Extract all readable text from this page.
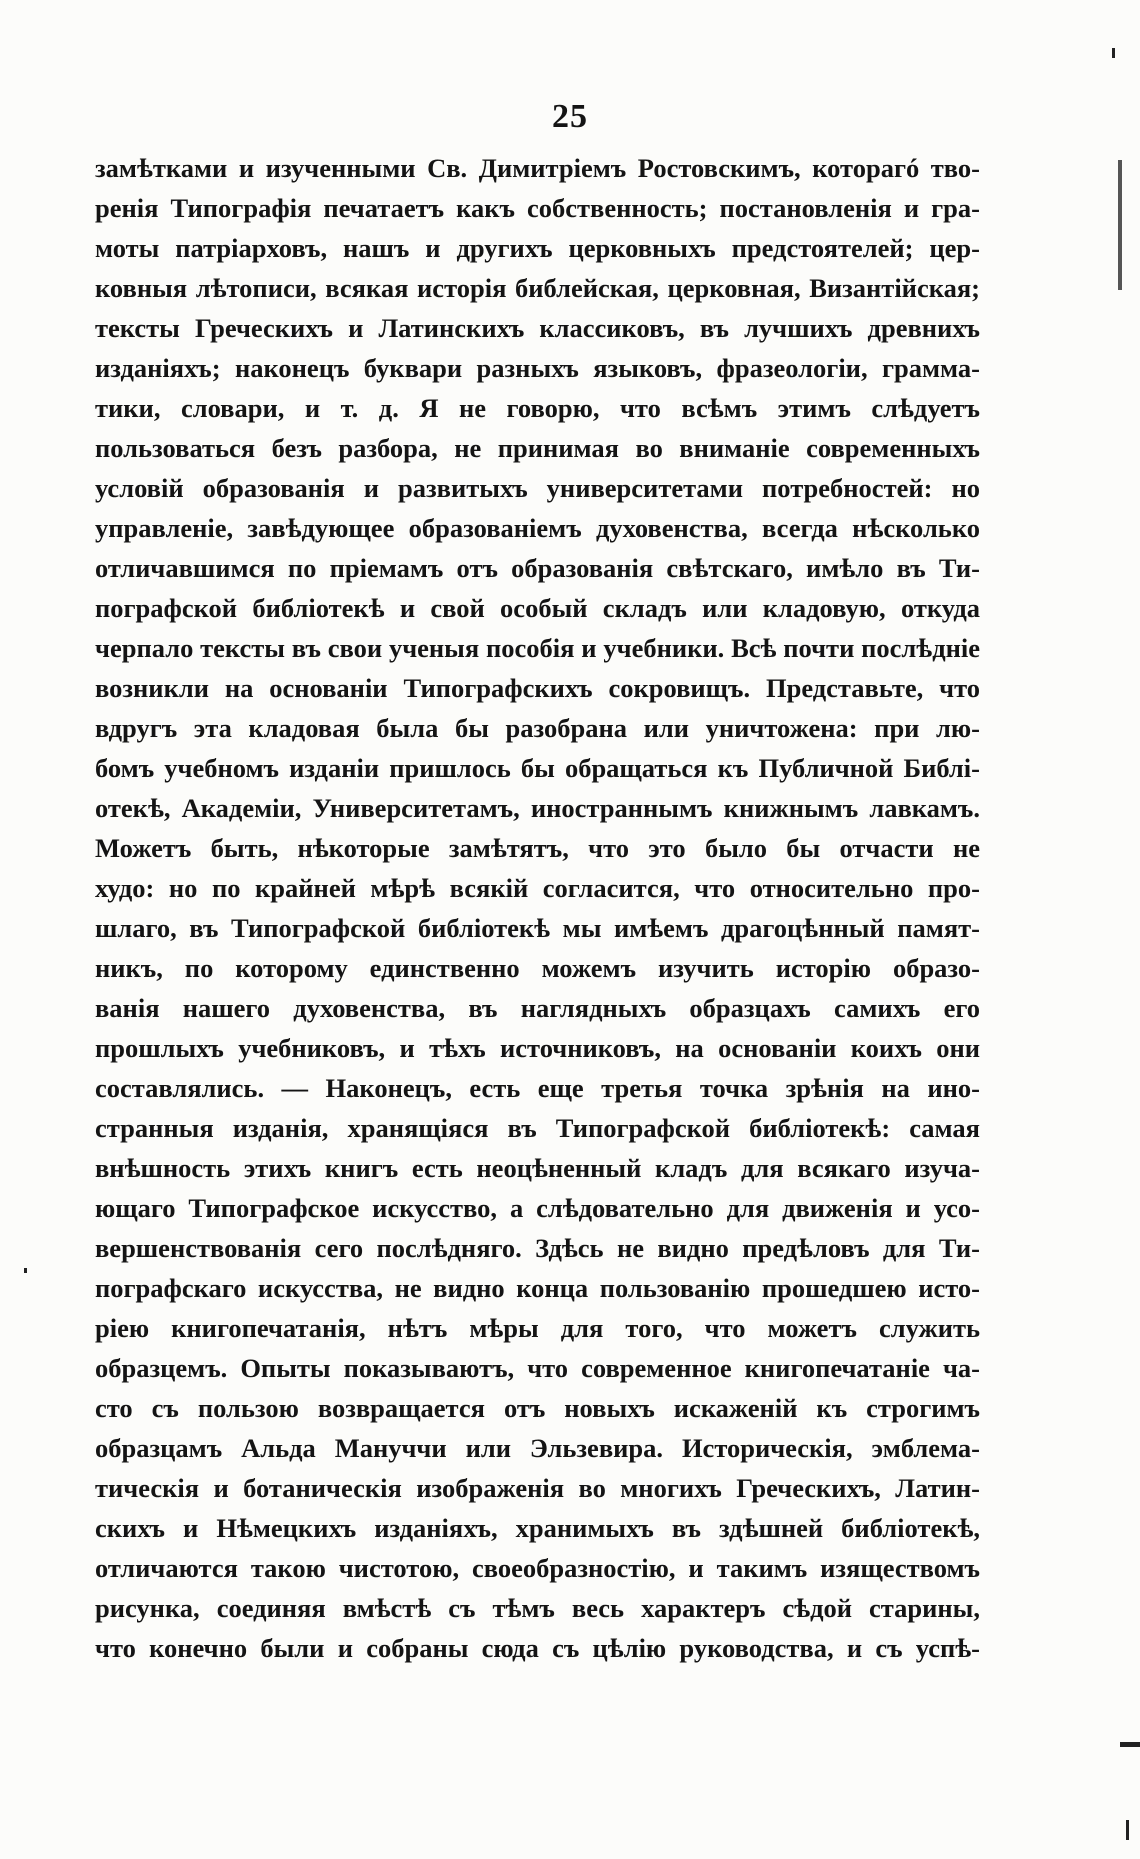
25
замѣтками и изученными Св. Димитріемъ Ростовскимъ, которагó тво-
ренія Типографія печатаетъ какъ собственность; постановленія и гра-
моты патріарховъ, нашъ и другихъ церковныхъ предстоятелей; цер-
ковныя лѣтописи, всякая исторія библейская, церковная, Византійская;
тексты Греческихъ и Латинскихъ классиковъ, въ лучшихъ древнихъ
изданіяхъ; наконецъ буквари разныхъ языковъ, фразеологіи, грамма-
тики, словари, и т. д. Я не говорю, что всѣмъ этимъ слѣдуетъ
пользоваться безъ разбора, не принимая во вниманіе современныхъ
условій образованія и развитыхъ университетами потребностей: но
управленіе, завѣдующее образованіемъ духовенства, всегда нѣсколько
отличавшимся по пріемамъ отъ образованія свѣтскаго, имѣло въ Ти-
пографской библіотекѣ и свой особый складъ или кладовую, откуда
черпало тексты въ свои ученыя пособія и учебники. Всѣ почти послѣдніе
возникли на основаніи Типографскихъ сокровищъ. Представьте, что
вдругъ эта кладовая была бы разобрана или уничтожена: при лю-
бомъ учебномъ изданіи пришлось бы обращаться къ Публичной Библі-
отекѣ, Академіи, Университетамъ, иностраннымъ книжнымъ лавкамъ.
Можетъ быть, нѣкоторые замѣтятъ, что это было бы отчасти не
худо: но по крайней мѣрѣ всякій согласится, что относительно про-
шлаго, въ Типографской библіотекѣ мы имѣемъ драгоцѣнный памят-
никъ, по которому единственно можемъ изучить исторію образо-
ванія нашего духовенства, въ наглядныхъ образцахъ самихъ его
прошлыхъ учебниковъ, и тѣхъ источниковъ, на основаніи коихъ они
составлялись. — Наконецъ, есть еще третья точка зрѣнія на ино-
странныя изданія, хранящіяся въ Типографской библіотекѣ: самая
внѣшность этихъ книгъ есть неоцѣненный кладъ для всякаго изуча-
ющаго Типографское искусство, а слѣдовательно для движенія и усо-
вершенствованія сего послѣдняго. Здѣсь не видно предѣловъ для Ти-
пографскаго искусства, не видно конца пользованію прошедшею исто-
ріею книгопечатанія, нѣтъ мѣры для того, что можетъ служить
образцемъ. Опыты показываютъ, что современное книгопечатаніе ча-
сто съ пользою возвращается отъ новыхъ искаженій къ строгимъ
образцамъ Альда Мануччи или Эльзевира. Историческія, эмблема-
тическія и ботаническія изображенія во многихъ Греческихъ, Латин-
скихъ и Нѣмецкихъ изданіяхъ, хранимыхъ въ здѣшней библіотекѣ,
отличаются такою чистотою, своеобразностію, и такимъ изяществомъ
рисунка, соединяя вмѣстѣ съ тѣмъ весь характеръ сѣдой старины,
что конечно были и собраны сюда съ цѣлію руководства, и съ успѣ-
